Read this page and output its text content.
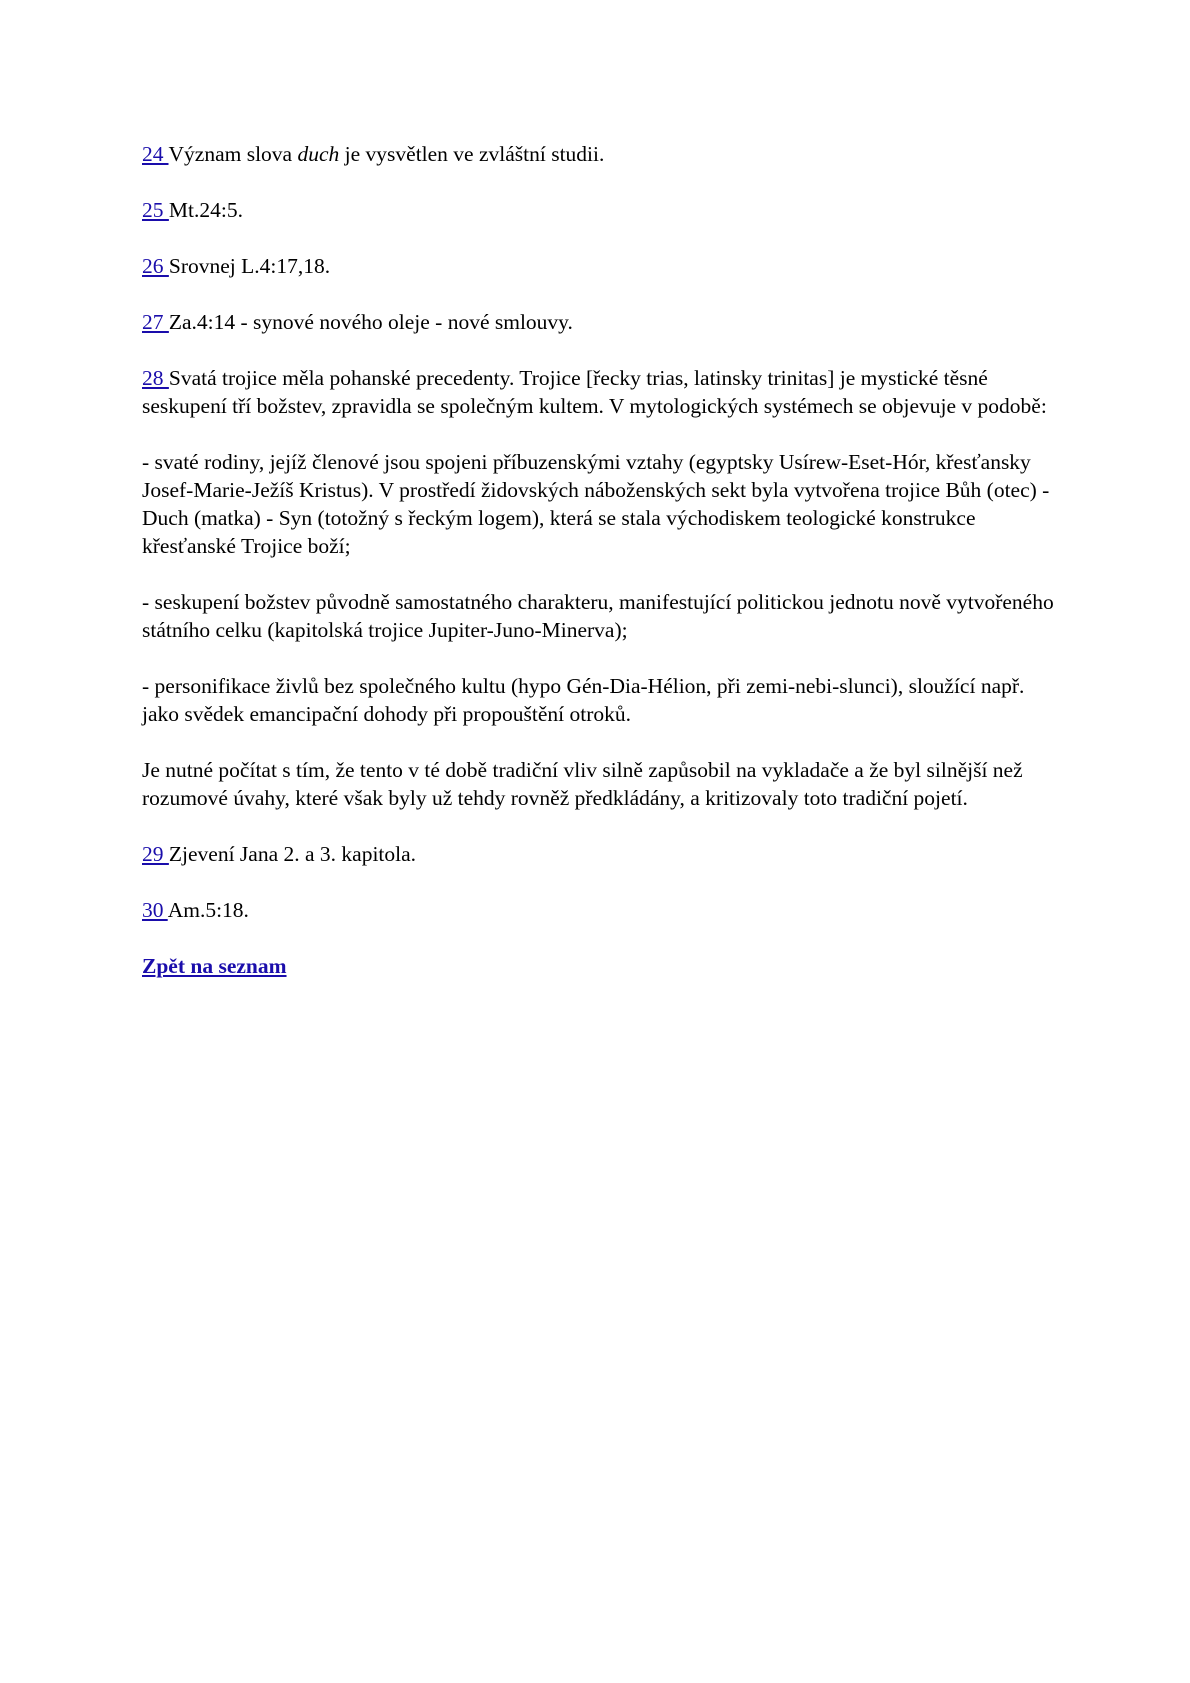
24 Význam slova duch je vysvětlen ve zvláštní studii.

25 Mt.24:5.

26 Srovnej L.4:17,18.

27 Za.4:14 - synové nového oleje - nové smlouvy.

28 Svatá trojice měla pohanské precedenty. Trojice [řecky trias, latinsky trinitas] je mystické těsné seskupení tří božstev, zpravidla se společným kultem. V mytologických systémech se objevuje v podobě:

- svaté rodiny, jejíž členové jsou spojeni příbuzenskými vztahy (egyptsky Usírew-Eset-Hór, křesťansky Josef-Marie-Ježíš Kristus). V prostředí židovských náboženských sekt byla vytvořena trojice Bůh (otec) - Duch (matka) - Syn (totožný s řeckým logem), která se stala východiskem teologické konstrukce křesťanské Trojice boží;

- seskupení božstev původně samostatného charakteru, manifestující politickou jednotu nově vytvořeného státního celku (kapitolská trojice Jupiter-Juno-Minerva);

- personifikace živlů bez společného kultu (hypo Gén-Dia-Hélion, při zemi-nebi-slunci), sloužící např. jako svědek emancipační dohody při propouštění otroků.

Je nutné počítat s tím, že tento v té době tradiční vliv silně zapůsobil na vykladače a že byl silnější než rozumové úvahy, které však byly už tehdy rovněž předkládány, a kritizovaly toto tradiční pojetí.

29 Zjevení Jana 2. a 3. kapitola.

30 Am.5:18.

Zpět na seznam
